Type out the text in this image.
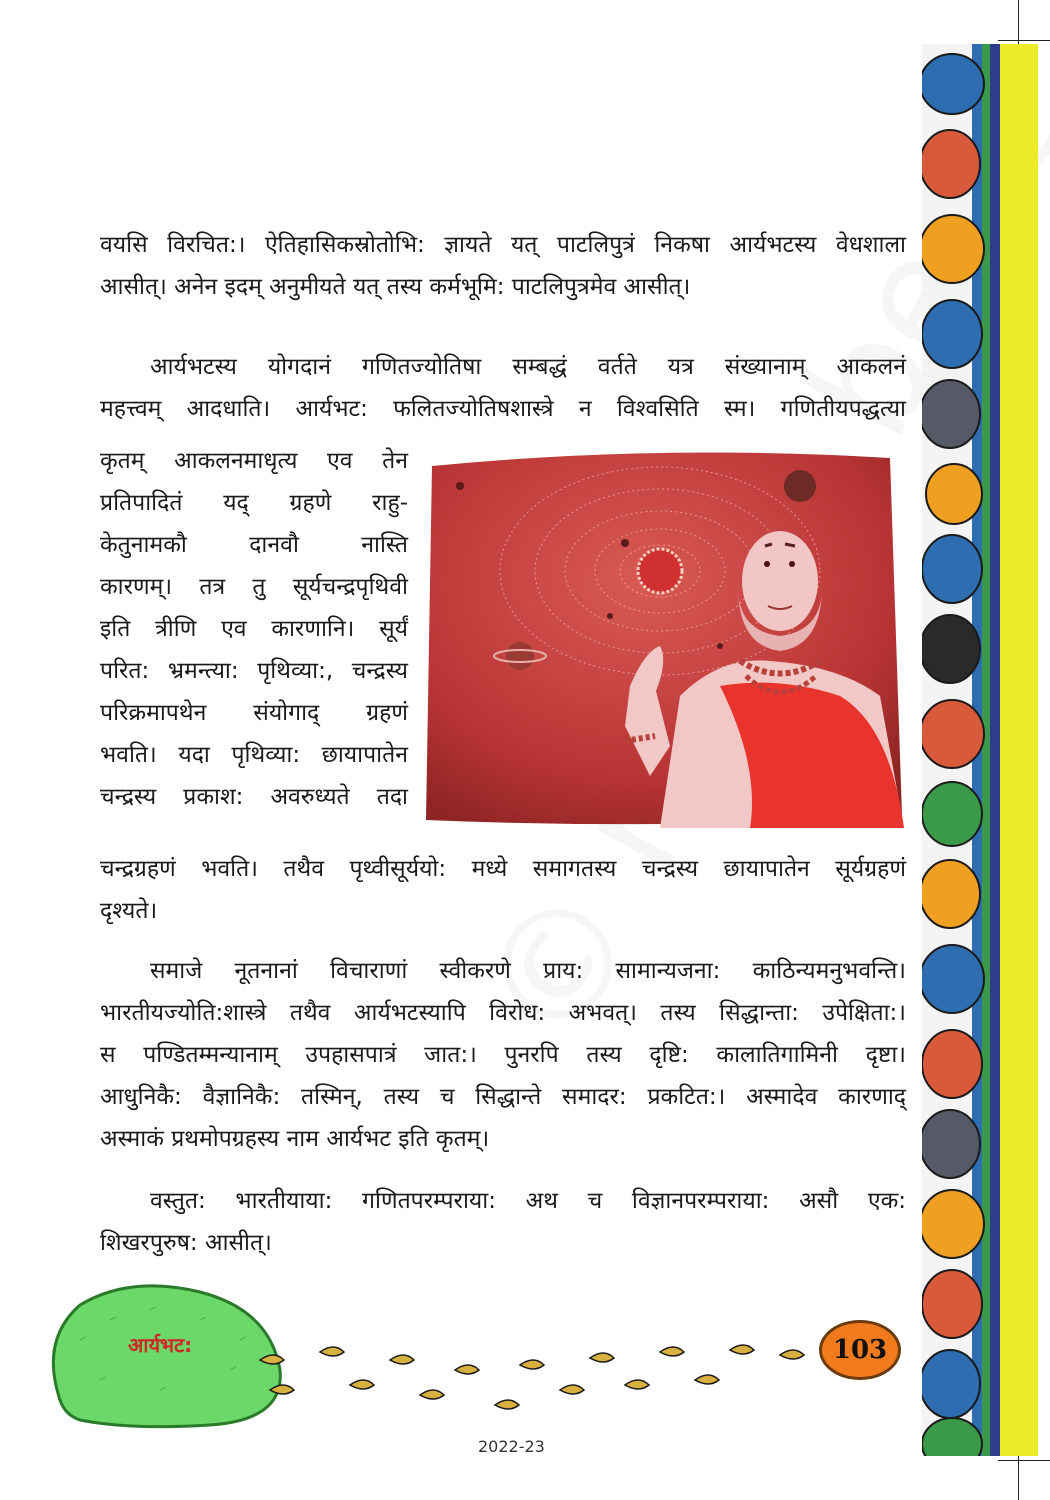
वयसि विरचित:। ऐतिहासिकस्रोतोभि: ज्ञायते यत् पाटलिपुत्रं निकषा आर्यभटस्य वेधशाला
आसीत्। अनेन इदम् अनुमीयते यत् तस्य कर्मभूमि: पाटलिपुत्रमेव आसीत्।
आर्यभटस्य योगदानं गणितज्योतिषा सम्बद्धं वर्तते यत्र संख्यानाम् आकलनं
महत्त्वम् आदधाति। आर्यभट: फलितज्योतिषशास्त्रे न विश्वसिति स्म। गणितीयपद्धत्या
कृतम् आकलनमाधृत्य एव तेन
प्रतिपादितं यद् ग्रहणे राहु-
केतुनामकौ दानवौ नास्ति
कारणम्। तत्र तु सूर्यचन्द्रपृथिवी
इति त्रीणि एव कारणानि। सूर्यं
परित: भ्रमन्त्या: पृथिव्या:, चन्द्रस्य
परिक्रमापथेन संयोगाद् ग्रहणं
भवति। यदा पृथिव्या: छायापातेन
चन्द्रस्य प्रकाश: अवरुध्यते तदा
चन्द्रग्रहणं भवति। तथैव पृथ्वीसूर्ययो: मध्ये समागतस्य चन्द्रस्य छायापातेन सूर्यग्रहणं
दृश्यते।
समाजे नूतनानां विचाराणां स्वीकरणे प्राय: सामान्यजना: काठिन्यमनुभवन्ति।
भारतीयज्योति:शास्त्रे तथैव आर्यभटस्यापि विरोध: अभवत्। तस्य सिद्धान्ता: उपेक्षिता:।
स पण्डितम्मन्यानाम् उपहासपात्रं जात:। पुनरपि तस्य दृष्टि: कालातिगामिनी दृष्टा।
आधुनिकै: वैज्ञानिकै: तस्मिन्, तस्य च सिद्धान्ते समादर: प्रकटित:। अस्मादेव कारणाद्
अस्माकं प्रथमोपग्रहस्य नाम आर्यभट इति कृतम्।
वस्तुत: भारतीयाया: गणितपरम्पराया: अथ च विज्ञानपरम्पराया: असौ एक:
शिखरपुरुष: आसीत्।
आर्यभट:	103
2022-23
